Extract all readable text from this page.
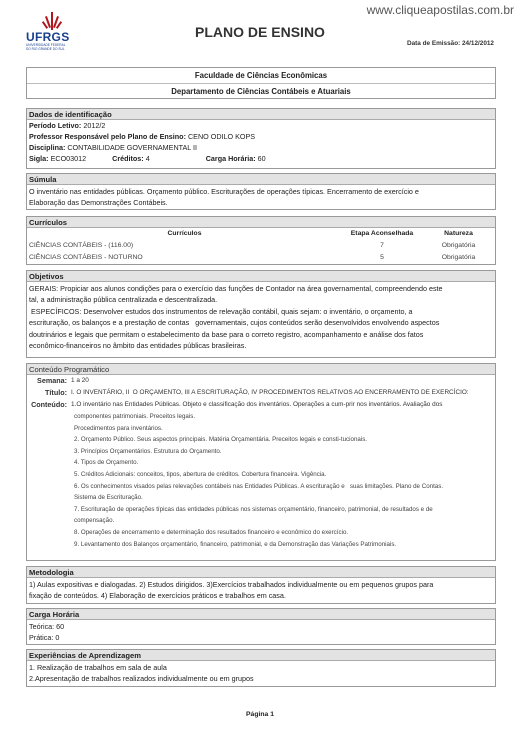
www.cliqueapostilas.com.br
UFRGS
UNIVERSIDADE FEDERAL
DO RIO GRANDE DO SUL
PLANO DE ENSINO
Data de Emissão: 24/12/2012
Faculdade de Ciências Econômicas
Departamento de Ciências Contábeis e Atuariais
Dados de identificação
Período Letivo: 2012/2
Professor Responsável pelo Plano de Ensino: CENO ODILO KOPS
Disciplina: CONTABILIDADE GOVERNAMENTAL II
Sigla: ECO03012	Créditos: 4	Carga Horária: 60
Súmula
O inventário nas entidades públicas. Orçamento público. Escriturações de operações típicas. Encerramento de exercício e
Elaboração das Demonstrações Contábeis.
Currículos
Currículos	Etapa Aconselhada	Natureza
CIÊNCIAS CONTÁBEIS - (116.00)	7	Obrigatória
CIÊNCIAS CONTÁBEIS - NOTURNO	5	Obrigatória
Objetivos
GERAIS: Propiciar aos alunos condições para o exercício das funções de Contador na área governamental, compreendendo este
tal, a administração pública centralizada e descentralizada.
ESPECÍFICOS: Desenvolver estudos dos instrumentos de relevação contábil, quais sejam: o inventário, o orçamento, a
escrituração, os balanços e a prestação de contas   governamentais, cujos conteúdos serão desenvolvidos envolvendo aspectos
doutrinários e legais que permitam o estabelecimento da base para o correto registro, acompanhamento e análise dos fatos
econômico-financeiros no âmbito das entidades públicas brasileiras.
Conteúdo Programático
Semana: 1 a 20
Título: I. O INVENTÁRIO, II  O ORÇAMENTO, III A ESCRITURAÇÃO, IV PROCEDIMENTOS RELATIVOS AO ENCERRAMENTO DE EXERCÍCIO:
Conteúdo: 1.O inventário nas Entidades Públicas. Objeto e classificação dos inventários. Operações a cum-prir nos inventários. Avaliação dos
componentes patrimoniais. Preceitos legais.
Procedimentos para inventários.
2. Orçamento Público. Seus aspectos principais. Matéria Orçamentária. Preceitos legais e consti-tucionais.
3. Princípios Orçamentários. Estrutura do Orçamento.
4. Tipos de Orçamento.
5. Créditos Adicionais: conceitos, tipos, abertura de créditos. Cobertura financeira. Vigência.
6. Os conhecimentos visados pelas relevações contábeis nas Entidades Públicas. A escrituração e   suas limitações. Plano de Contas.
Sistema de Escrituração.
7. Escrituração de operações típicas das entidades públicas nos sistemas orçamentário, financeiro, patrimonial, de resultados e de
compensação.
8. Operações de encerramento e determinação dos resultados financeiro e econômico do exercício.
9. Levantamento dos Balanços orçamentário, financeiro, patrimonial, e da Demonstração das Variações Patrimoniais.
Metodologia
1) Aulas expositivas e dialogadas. 2) Estudos dirigidos. 3)Exercícios trabalhados individualmente ou em pequenos grupos para
fixação de conteúdos. 4) Elaboração de exercícios práticos e trabalhos em casa.
Carga Horária
Teórica: 60
Prática: 0
Experiências de Aprendizagem
1. Realização de trabalhos em sala de aula
2.Apresentação de trabalhos realizados individualmente ou em grupos
Página 1
